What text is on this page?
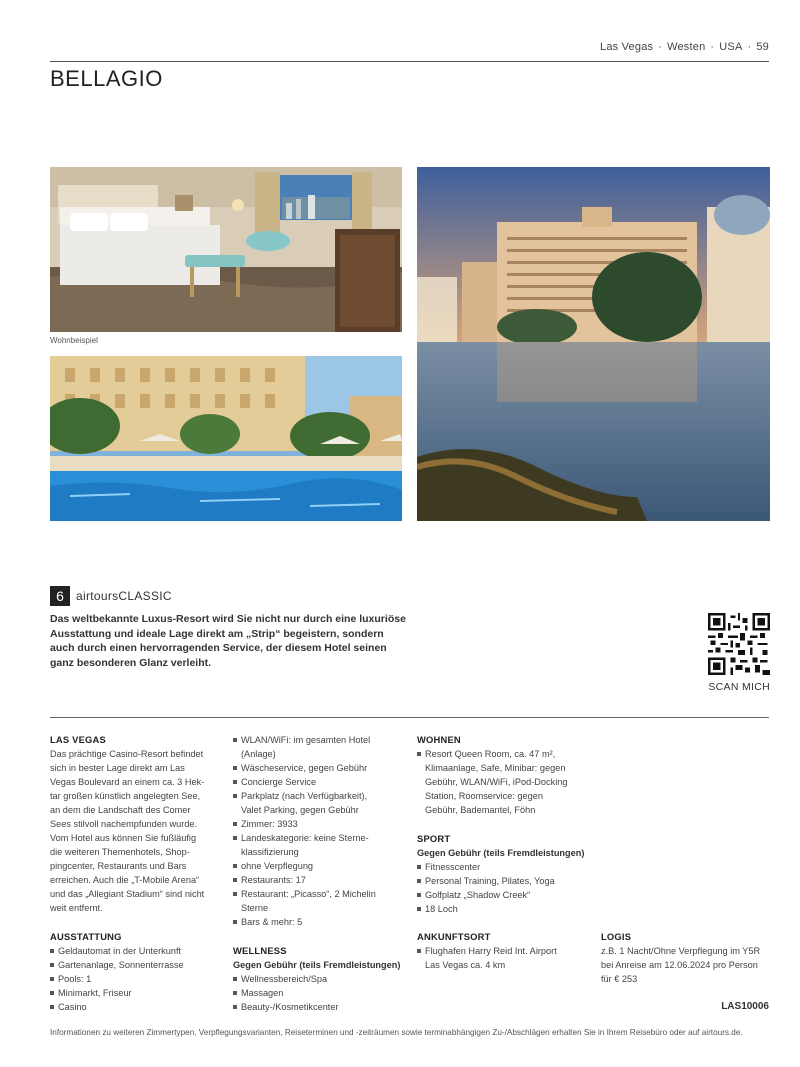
Las Vegas · Westen · USA · 59
BELLAGIO
Wohnbeispiel
6	airtoursCLASSIC
Das weltbekannte Luxus-Resort wird Sie nicht nur durch eine luxuriöse
Ausstattung und ideale Lage direkt am „Strip“ begeistern, sondern
auch durch einen hervorragenden Service, der diesem Hotel seinen
ganz besonderen Glanz verleiht.
SCAN MICH
LAS VEGAS
Das prächtige Casino-Resort befindet
sich in bester Lage direkt am Las
Vegas Boulevard an einem ca. 3 Hek-
tar großen künstlich angelegten See,
an dem die Landschaft des Comer
Sees stilvoll nachempfunden wurde.
Vom Hotel aus können Sie fußläufig
die weiteren Themenhotels, Shop-
pingcenter, Restaurants und Bars
erreichen. Auch die „T-Mobile Arena“
und das „Allegiant Stadium“ sind nicht
weit entfernt.
AUSSTATTUNG
Geldautomat in der Unterkunft
Gartenanlage, Sonnenterrasse
Pools: 1
Minimarkt, Friseur
Casino
WLAN/WiFi: im gesamten Hotel
(Anlage)
Wäscheservice, gegen Gebühr
Concierge Service
Parkplatz (nach Verfügbarkeit),
Valet Parking, gegen Gebühr
Zimmer: 3933
Landeskategorie: keine Sterne-
klassifizierung
ohne Verpflegung
Restaurants: 17
Restaurant: „Picasso“, 2 Michelin
Sterne
Bars & mehr: 5
WELLNESS
Gegen Gebühr (teils Fremdleistungen)
Wellnessbereich/Spa
Massagen
Beauty-/Kosmetikcenter
WOHNEN
Resort Queen Room, ca. 47 m²,
Klimaanlage, Safe, Minibar: gegen
Gebühr, WLAN/WiFi, iPod-Docking
Station, Roomservice: gegen
Gebühr, Bademantel, Föhn
SPORT
Gegen Gebühr (teils Fremdleistungen)
Fitnesscenter
Personal Training, Pilates, Yoga
Golfplatz „Shadow Creek“
18 Loch
ANKUNFTSORT
Flughafen Harry Reid Int. Airport
Las Vegas ca. 4 km
LOGIS
z.B. 1 Nacht/Ohne Verpflegung im Y5R
bei Anreise am 12.06.2024 pro Person
für € 253
LAS10006
Informationen zu weiteren Zimmertypen, Verpflegungsvarianten, Reiseterminen und -zeiträumen sowie terminabhängigen Zu-/Abschlägen erhalten Sie in Ihrem Reisebüro oder auf airtours.de.
